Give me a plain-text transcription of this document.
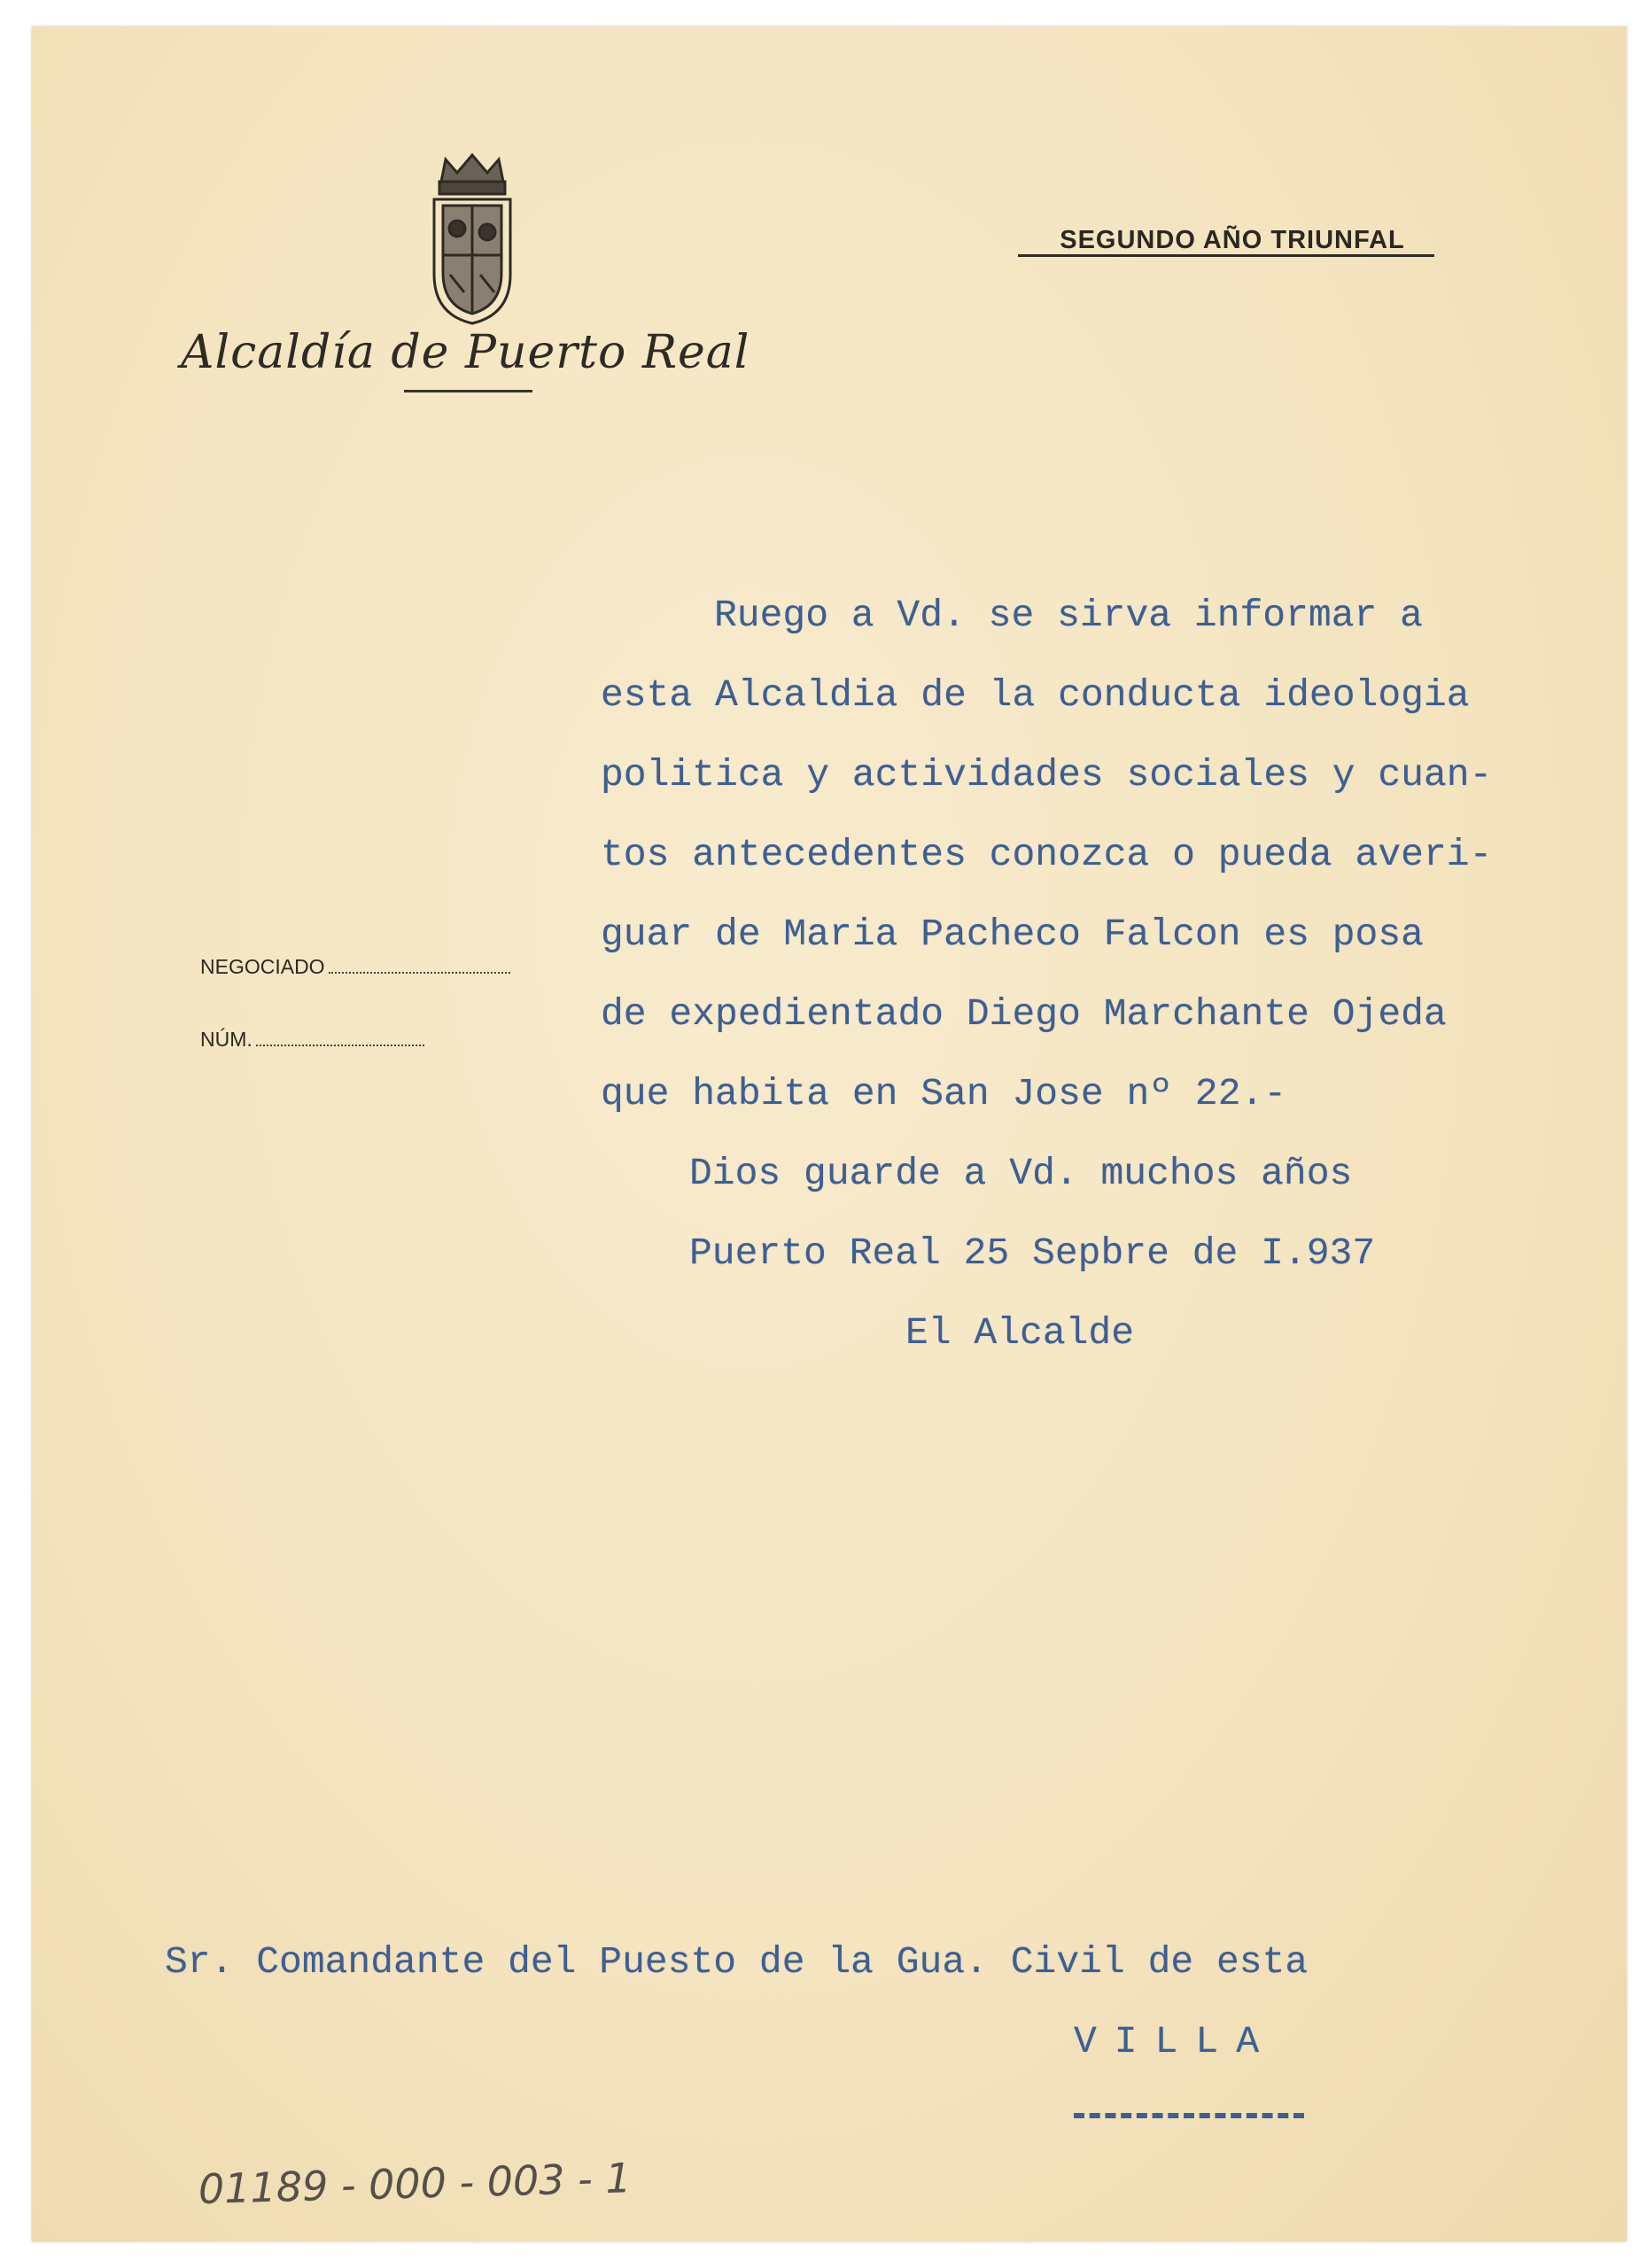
Alcaldía de Puerto Real
SEGUNDO AÑO TRIUNFAL
NEGOCIADO
NÚM.
Ruego a Vd. se sirva informar a
esta Alcaldia de la conducta ideologia
politica y actividades sociales y cuan-
tos antecedentes conozca o pueda averi-
guar de Maria Pacheco Falcon es posa
de expedientado Diego Marchante Ojeda
que habita en San Jose nº 22.-
Dios guarde a Vd. muchos años
Puerto Real 25 Sepbre de I.937
El Alcalde
Sr. Comandante del Puesto de la Gua. Civil de esta
VILLA
01189 - 000 - 003 - 1
